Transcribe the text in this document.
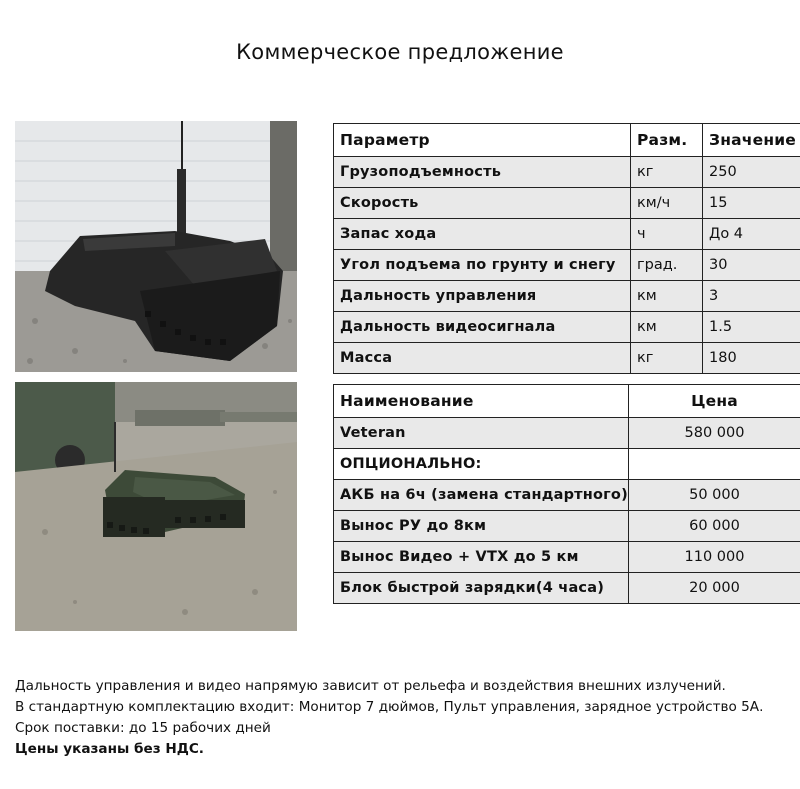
Коммерческое предложение
Параметр	Разм.	Значение
Грузоподъемность	кг	250
Скорость	км/ч	15
Запас хода	ч	До 4
Угол подъема по грунту и снегу	град.	30
Дальность управления	км	3
Дальность видеосигнала	км	1.5
Масса	кг	180
Наименование	Цена
Veteran	580 000
ОПЦИОНАЛЬНО:	
АКБ на 6ч (замена стандартного)	50 000
Вынос РУ до 8км	60 000
Вынос Видео + VTX до 5 км	110 000
Блок быстрой зарядки(4 часа)	20 000
Дальность управления и видео напрямую зависит от рельефа и воздействия внешних излучений.
В стандартную комплектацию входит: Монитор 7 дюймов, Пульт управления, зарядное устройство 5А.
Срок поставки: до 15 рабочих дней
Цены указаны без НДС.
